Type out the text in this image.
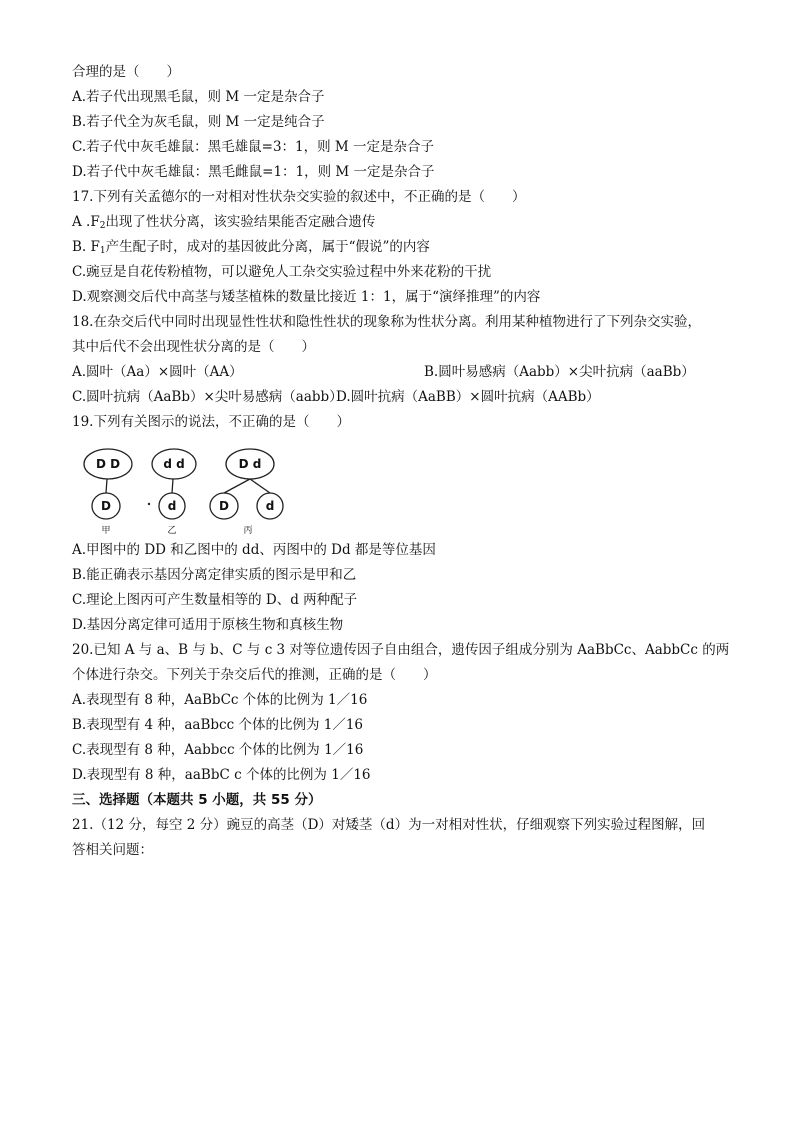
合理的是（　　）
A.若子代出现黑毛鼠，则 M 一定是杂合子
B.若子代全为灰毛鼠，则 M 一定是纯合子
C.若子代中灰毛雄鼠：黑毛雄鼠=3：1，则 M 一定是杂合子
D.若子代中灰毛雄鼠：黑毛雌鼠=1：1，则 M 一定是杂合子
17.下列有关孟德尔的一对相对性状杂交实验的叙述中，不正确的是（　　）
A $.F_2$出现了性状分离，该实验结果能否定融合遗传
B. $F_1$产生配子时，成对的基因彼此分离，属于“假说”的内容
C.豌豆是自花传粉植物，可以避免人工杂交实验过程中外来花粉的干扰
D.观察测交后代中高茎与矮茎植株的数量比接近 1：1，属于“演绎推理”的内容
18.在杂交后代中同时出现显性性状和隐性性状的现象称为性状分离。利用某种植物进行了下列杂交实验，
其中后代不会出现性状分离的是（　　）
A.圆叶（Aa）×圆叶（AA）	B.圆叶易感病（Aabb）×尖叶抗病（aaBb）
C.圆叶抗病（AaBb）×尖叶易感病（aabb）
D.圆叶抗病（AaBB）×圆叶抗病（AABb）
19.下列有关图示的说法，不正确的是（　　）
D D
D
d d
d
D d
D	d
甲	乙	丙
A.甲图中的 DD 和乙图中的 dd、丙图中的 Dd 都是等位基因
B.能正确表示基因分离定律实质的图示是甲和乙
C.理论上图丙可产生数量相等的 D、d 两种配子
D.基因分离定律可适用于原核生物和真核生物
20.已知 A 与 a、B 与 b、C 与 c 3 对等位遗传因子自由组合，遗传因子组成分别为 AaBbCc、AabbCc 的两
个体进行杂交。下列关于杂交后代的推测，正确的是（　　）
A.表现型有 8 种，AaBbCc 个体的比例为 1／16
B.表现型有 4 种，aaBbcc 个体的比例为 1／16
C.表现型有 8 种，Aabbcc 个体的比例为 1／16
D.表现型有 8 种，aaBbC c 个体的比例为 1／16
三、选择题（本题共 5 小题，共 55 分）
21.（12 分，每空 2 分）豌豆的高茎（D）对矮茎（d）为一对相对性状，仔细观察下列实验过程图解，回
答相关问题：
